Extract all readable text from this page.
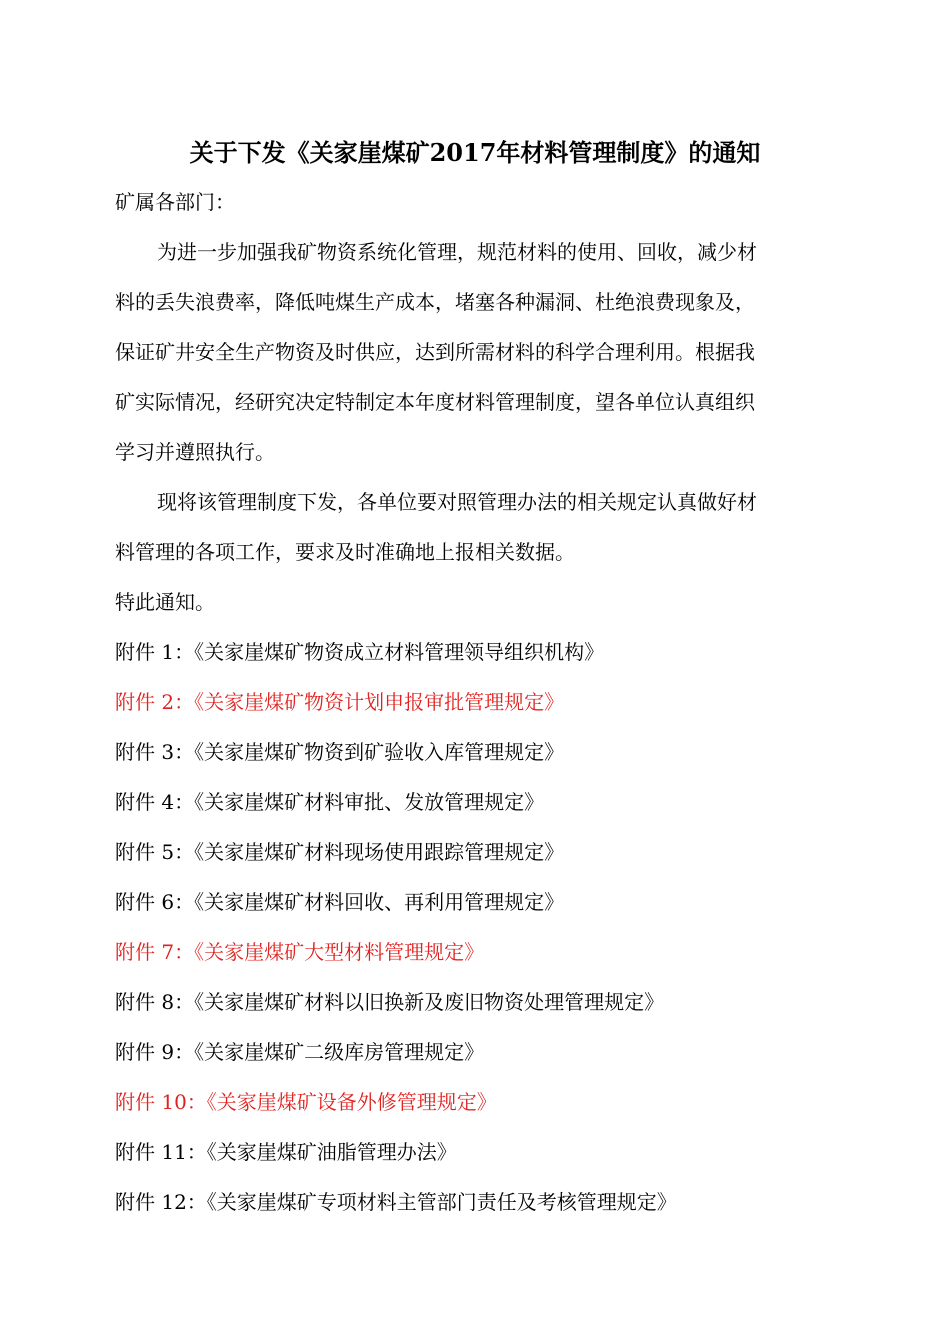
关于下发《关家崖煤矿2017年材料管理制度》的通知
矿属各部门：
为进一步加强我矿物资系统化管理，规范材料的使用、回收，减少材
料的丢失浪费率，降低吨煤生产成本，堵塞各种漏洞、杜绝浪费现象及，
保证矿井安全生产物资及时供应，达到所需材料的科学合理利用。根据我
矿实际情况，经研究决定特制定本年度材料管理制度，望各单位认真组织
学习并遵照执行。
现将该管理制度下发，各单位要对照管理办法的相关规定认真做好材
料管理的各项工作，要求及时准确地上报相关数据。
特此通知。
附件 1：《关家崖煤矿物资成立材料管理领导组织机构》
附件 2：《关家崖煤矿物资计划申报审批管理规定》
附件 3：《关家崖煤矿物资到矿验收入库管理规定》
附件 4：《关家崖煤矿材料审批、发放管理规定》
附件 5：《关家崖煤矿材料现场使用跟踪管理规定》
附件 6：《关家崖煤矿材料回收、再利用管理规定》
附件 7：《关家崖煤矿大型材料管理规定》
附件 8：《关家崖煤矿材料以旧换新及废旧物资处理管理规定》
附件 9：《关家崖煤矿二级库房管理规定》
附件 10：《关家崖煤矿设备外修管理规定》
附件 11：《关家崖煤矿油脂管理办法》
附件 12：《关家崖煤矿专项材料主管部门责任及考核管理规定》
